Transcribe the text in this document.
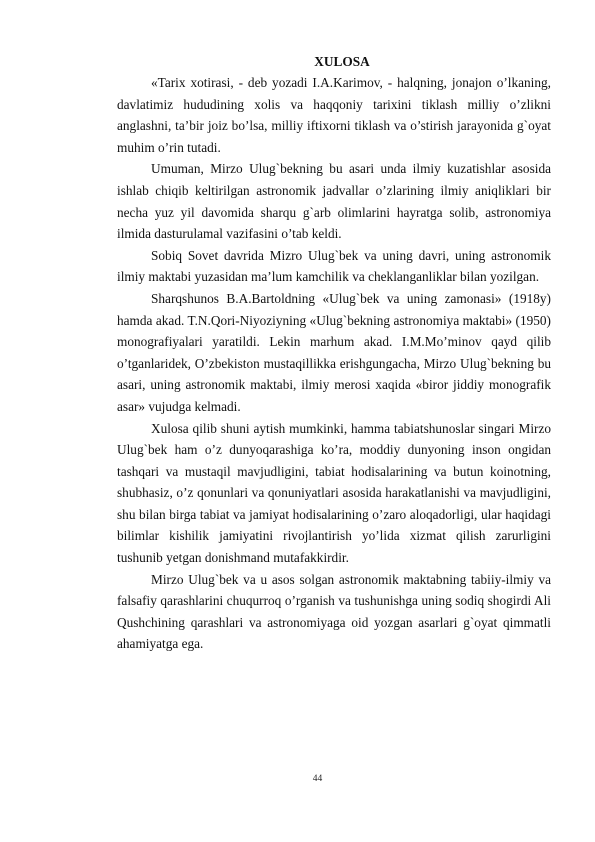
XULOSA

«Tarix xotirasi, - deb yozadi I.A.Karimov, - halqning, jonajon o’lkaning, davlatimiz hududining xolis va haqqoniy tarixini tiklash milliy o’zlikni anglashni, ta’bir joiz bo’lsa, milliy iftixorni tiklash va o’stirish jarayonida g`oyat muhim o’rin tutadi.

Umuman, Mirzo Ulug`bekning bu asari unda ilmiy kuzatishlar asosida ishlab chiqib keltirilgan astronomik jadvallar o’zlarining ilmiy aniqliklari bir necha yuz yil davomida sharqu g`arb olimlarini hayratga solib, astronomiya ilmida dasturulamal vazifasini o’tab keldi.

Sobiq Sovet davrida Mizro Ulug`bek va uning davri, uning astronomik ilmiy maktabi yuzasidan ma’lum kamchilik va cheklanganliklar bilan yozilgan.

Sharqshunos B.A.Bartoldning «Ulug`bek va uning zamonasi» (1918y) hamda akad. T.N.Qori-Niyoziyning «Ulug`bekning astronomiya maktabi» (1950) monografiyalari yaratildi. Lekin marhum akad. I.M.Mo’minov qayd qilib o’tganlaridek, O’zbekiston mustaqillikka erishgungacha, Mirzo Ulug`bekning bu asari, uning astronomik maktabi, ilmiy merosi xaqida «biror jiddiy monografik asar» vujudga kelmadi.

Xulosa qilib shuni aytish mumkinki, hamma tabiatshunoslar singari Mirzo Ulug`bek ham o’z dunyoqarashiga ko’ra, moddiy dunyoning inson ongidan tashqari va mustaqil mavjudligini, tabiat hodisalarining va butun koinotning, shubhasiz, o’z qonunlari va qonuniyatlari asosida harakatlanishi va mavjudligini, shu bilan birga tabiat va jamiyat hodisalarining o’zaro aloqadorligi, ular haqidagi bilimlar kishilik jamiyatini rivojlantirish yo’lida xizmat qilish zarurligini tushunib yetgan donishmand mutafakkirdir.

Mirzo Ulug`bek va u asos solgan astronomik maktabning tabiiy-ilmiy va falsafiy qarashlarini chuqurroq o’rganish va tushunishga uning sodiq shogirdi Ali Qushchining qarashlari va astronomiyaga oid yozgan asarlari g`oyat qimmatli ahamiyatga ega.

44
